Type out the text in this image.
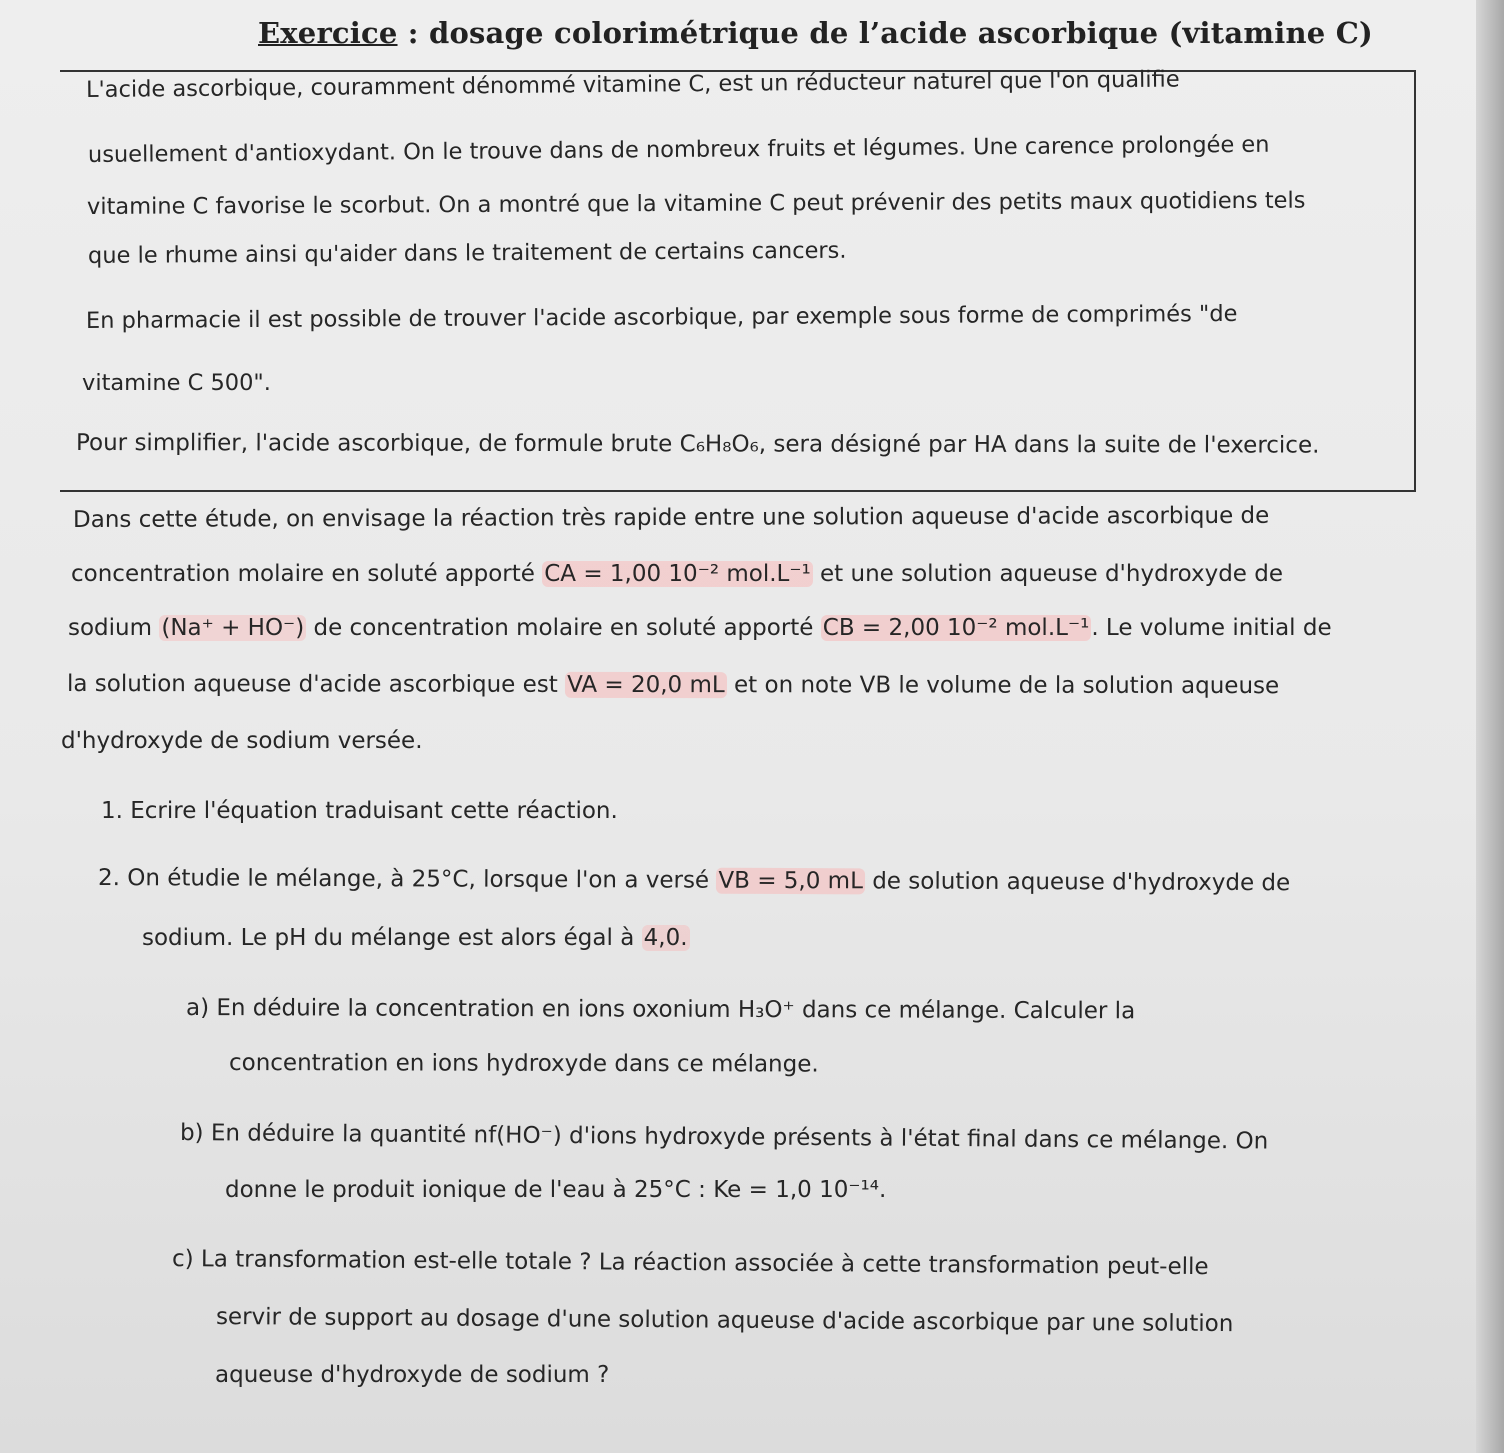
Exercice : dosage colorimétrique de l’acide ascorbique (vitamine C)
L'acide ascorbique, couramment dénommé vitamine C, est un réducteur naturel que l'on qualifie
usuellement d'antioxydant. On le trouve dans de nombreux fruits et légumes. Une carence prolongée en
vitamine C favorise le scorbut. On a montré que la vitamine C peut prévenir des petits maux quotidiens tels
que le rhume ainsi qu'aider dans le traitement de certains cancers.
En pharmacie il est possible de trouver l'acide ascorbique, par exemple sous forme de comprimés "de
vitamine C 500".
Pour simplifier, l'acide ascorbique, de formule brute C₆H₈O₆, sera désigné par HA dans la suite de l'exercice.
Dans cette étude, on envisage la réaction très rapide entre une solution aqueuse d'acide ascorbique de
concentration molaire en soluté apporté CA = 1,00 10⁻² mol.L⁻¹ et une solution aqueuse d'hydroxyde de
sodium (Na⁺ + HO⁻) de concentration molaire en soluté apporté CB = 2,00 10⁻² mol.L⁻¹. Le volume initial de
la solution aqueuse d'acide ascorbique est VA = 20,0 mL et on note VB le volume de la solution aqueuse
d'hydroxyde de sodium versée.
1. Ecrire l'équation traduisant cette réaction.
2. On étudie le mélange, à 25°C, lorsque l'on a versé VB = 5,0 mL de solution aqueuse d'hydroxyde de
sodium. Le pH du mélange est alors égal à 4,0.
a) En déduire la concentration en ions oxonium H₃O⁺ dans ce mélange. Calculer la
concentration en ions hydroxyde dans ce mélange.
b) En déduire la quantité nf(HO⁻) d'ions hydroxyde présents à l'état final dans ce mélange. On
donne le produit ionique de l'eau à 25°C : Ke = 1,0 10⁻¹⁴.
c) La transformation est-elle totale ? La réaction associée à cette transformation peut-elle
servir de support au dosage d'une solution aqueuse d'acide ascorbique par une solution
aqueuse d'hydroxyde de sodium ?
